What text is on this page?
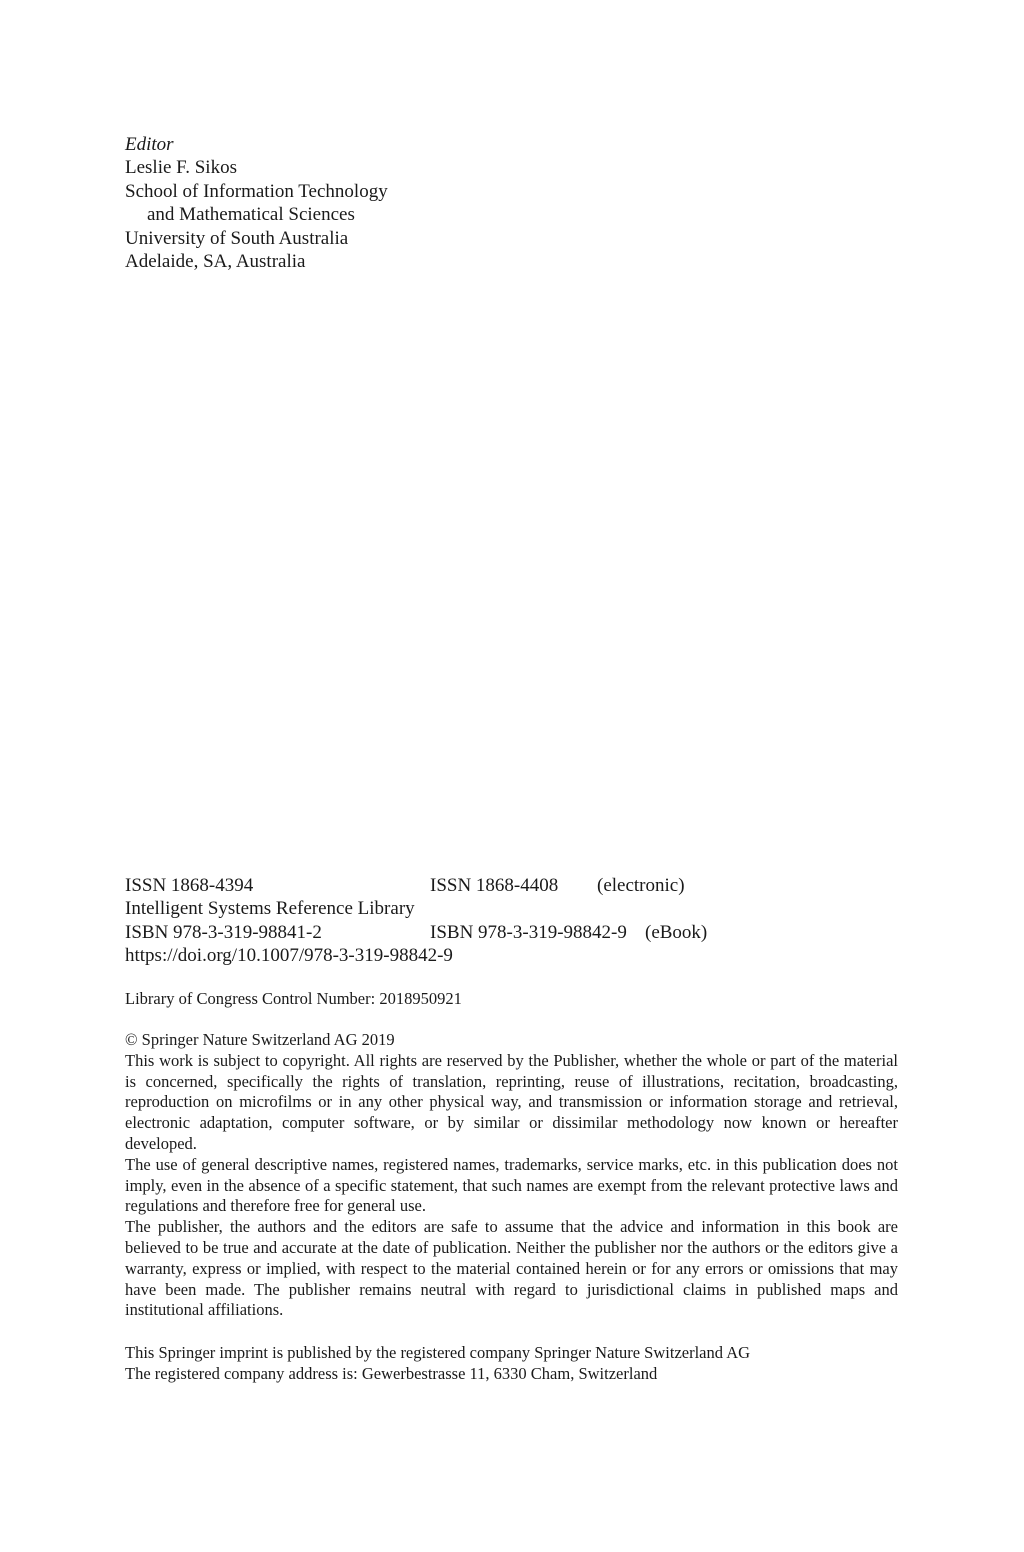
Editor
Leslie F. Sikos
School of Information Technology
and Mathematical Sciences
University of South Australia
Adelaide, SA, Australia
ISSN 1868-4394	ISSN 1868-4408 (electronic)
Intelligent Systems Reference Library
ISBN 978-3-319-98841-2	ISBN 978-3-319-98842-9 (eBook)
https://doi.org/10.1007/978-3-319-98842-9
Library of Congress Control Number: 2018950921

© Springer Nature Switzerland AG 2019

This work is subject to copyright. All rights are reserved by the Publisher, whether the whole or part of the material is concerned, specifically the rights of translation, reprinting, reuse of illustrations, recitation, broadcasting, reproduction on microfilms or in any other physical way, and transmission or information storage and retrieval, electronic adaptation, computer software, or by similar or dissimilar methodology now known or hereafter developed.

The use of general descriptive names, registered names, trademarks, service marks, etc. in this publication does not imply, even in the absence of a specific statement, that such names are exempt from the relevant protective laws and regulations and therefore free for general use.

The publisher, the authors and the editors are safe to assume that the advice and information in this book are believed to be true and accurate at the date of publication. Neither the publisher nor the authors or the editors give a warranty, express or implied, with respect to the material contained herein or for any errors or omissions that may have been made. The publisher remains neutral with regard to jurisdictional claims in published maps and institutional affiliations.

This Springer imprint is published by the registered company Springer Nature Switzerland AG
The registered company address is: Gewerbestrasse 11, 6330 Cham, Switzerland
